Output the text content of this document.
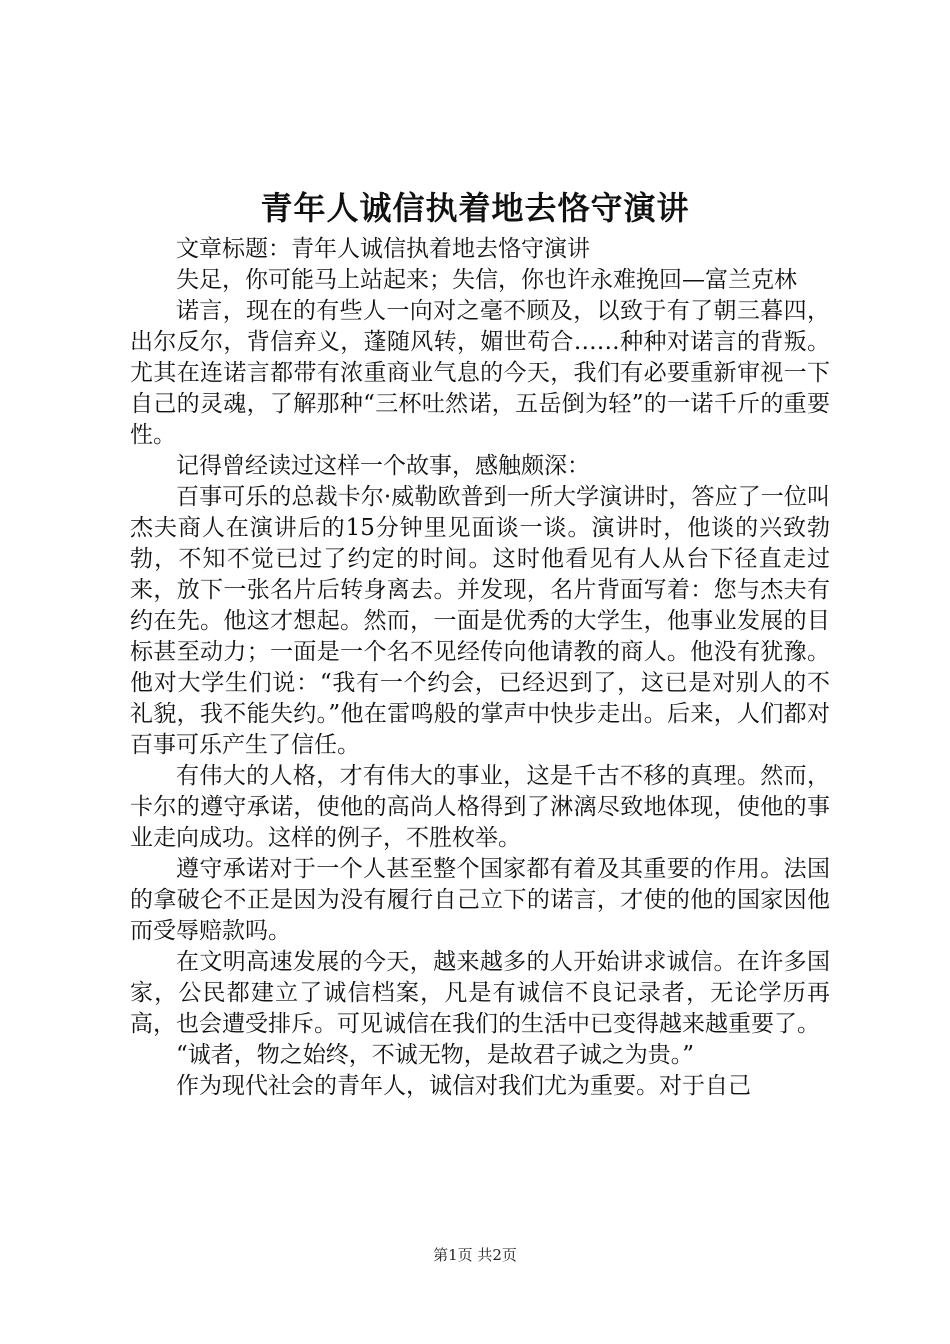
青年人诚信执着地去恪守演讲

文章标题：青年人诚信执着地去恪守演讲

失足，你可能马上站起来；失信，你也许永难挽回—富兰克林

诺言，现在的有些人一向对之毫不顾及，以致于有了朝三暮四，出尔反尔，背信弃义，蓬随风转，媚世苟合……种种对诺言的背叛。尤其在连诺言都带有浓重商业气息的今天，我们有必要重新审视一下自己的灵魂，了解那种“三杯吐然诺，五岳倒为轻”的一诺千斤的重要性。

记得曾经读过这样一个故事，感触颇深：

百事可乐的总裁卡尔·威勒欧普到一所大学演讲时，答应了一位叫杰夫商人在演讲后的15分钟里见面谈一谈。演讲时，他谈的兴致勃勃，不知不觉已过了约定的时间。这时他看见有人从台下径直走过来，放下一张名片后转身离去。并发现，名片背面写着：您与杰夫有约在先。他这才想起。然而，一面是优秀的大学生，他事业发展的目标甚至动力；一面是一个名不见经传向他请教的商人。他没有犹豫。他对大学生们说：“我有一个约会，已经迟到了，这已是对别人的不礼貌，我不能失约。”他在雷鸣般的掌声中快步走出。后来，人们都对百事可乐产生了信任。

有伟大的人格，才有伟大的事业，这是千古不移的真理。然而，卡尔的遵守承诺，使他的高尚人格得到了淋漓尽致地体现，使他的事业走向成功。这样的例子，不胜枚举。

遵守承诺对于一个人甚至整个国家都有着及其重要的作用。法国的拿破仑不正是因为没有履行自己立下的诺言，才使的他的国家因他而受辱赔款吗。

在文明高速发展的今天，越来越多的人开始讲求诚信。在许多国家，公民都建立了诚信档案，凡是有诚信不良记录者，无论学历再高，也会遭受排斥。可见诚信在我们的生活中已变得越来越重要了。

“诚者，物之始终，不诚无物，是故君子诚之为贵。”

作为现代社会的青年人，诚信对我们尤为重要。对于自己

第1页 共2页
